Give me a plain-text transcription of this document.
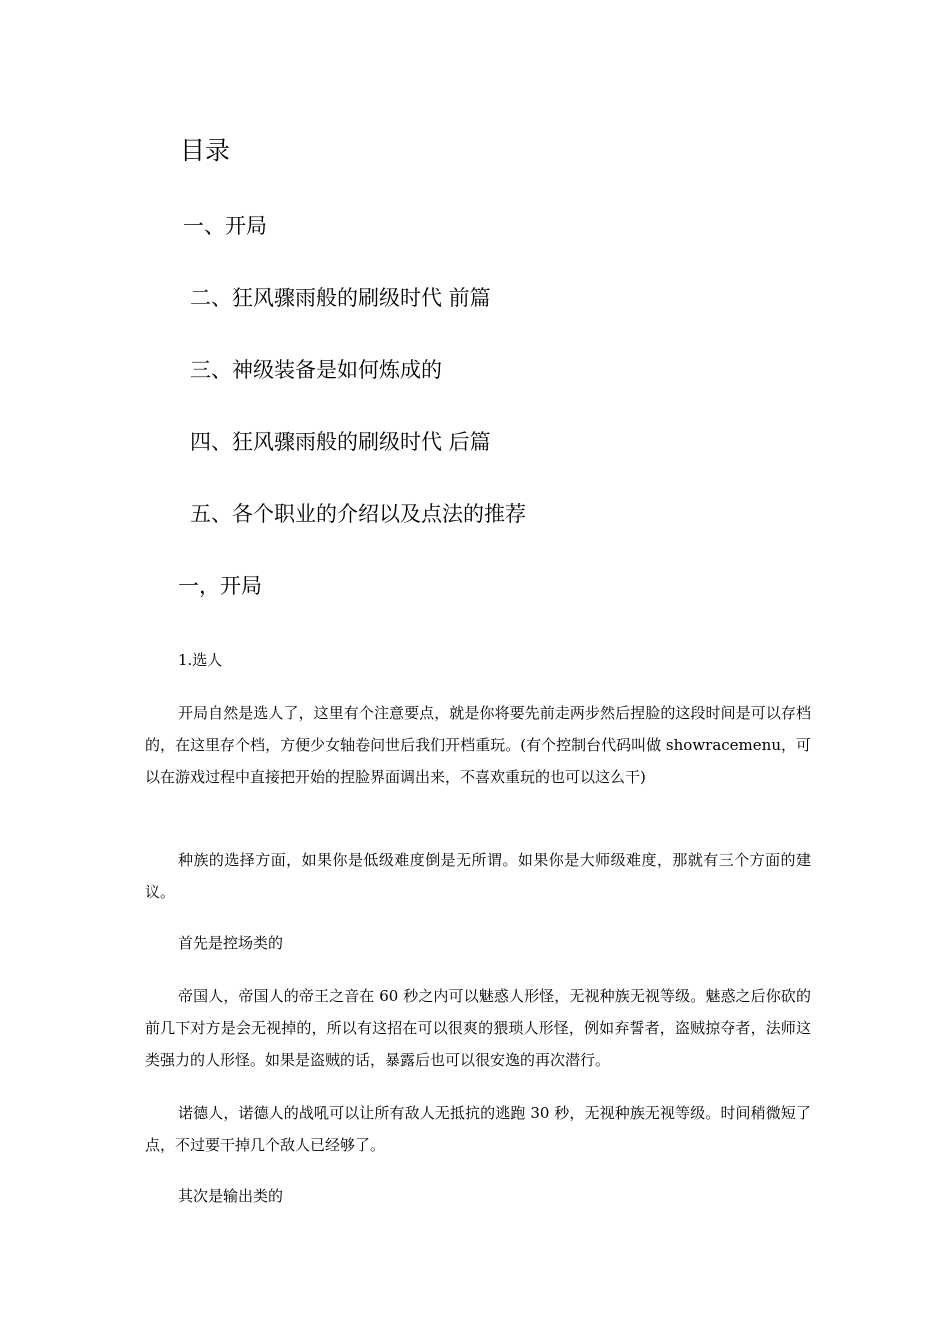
目录
一、开局
二、狂风骤雨般的刷级时代 前篇
三、神级装备是如何炼成的
四、狂风骤雨般的刷级时代 后篇
五、各个职业的介绍以及点法的推荐
一，开局
1.选人

开局自然是选人了，这里有个注意要点，就是你将要先前走两步然后捏脸的这段时间是可以存档的，在这里存个档，方便少女轴卷问世后我们开档重玩。(有个控制台代码叫做 showracemenu，可以在游戏过程中直接把开始的捏脸界面调出来，不喜欢重玩的也可以这么干)

种族的选择方面，如果你是低级难度倒是无所谓。如果你是大师级难度，那就有三个方面的建议。

首先是控场类的

帝国人，帝国人的帝王之音在 60 秒之内可以魅惑人形怪，无视种族无视等级。魅惑之后你砍的前几下对方是会无视掉的，所以有这招在可以很爽的猥琐人形怪，例如弃誓者，盗贼掠夺者，法师这类强力的人形怪。如果是盗贼的话，暴露后也可以很安逸的再次潜行。

诺德人，诺德人的战吼可以让所有敌人无抵抗的逃跑 30 秒，无视种族无视等级。时间稍微短了点，不过要干掉几个敌人已经够了。

其次是输出类的
